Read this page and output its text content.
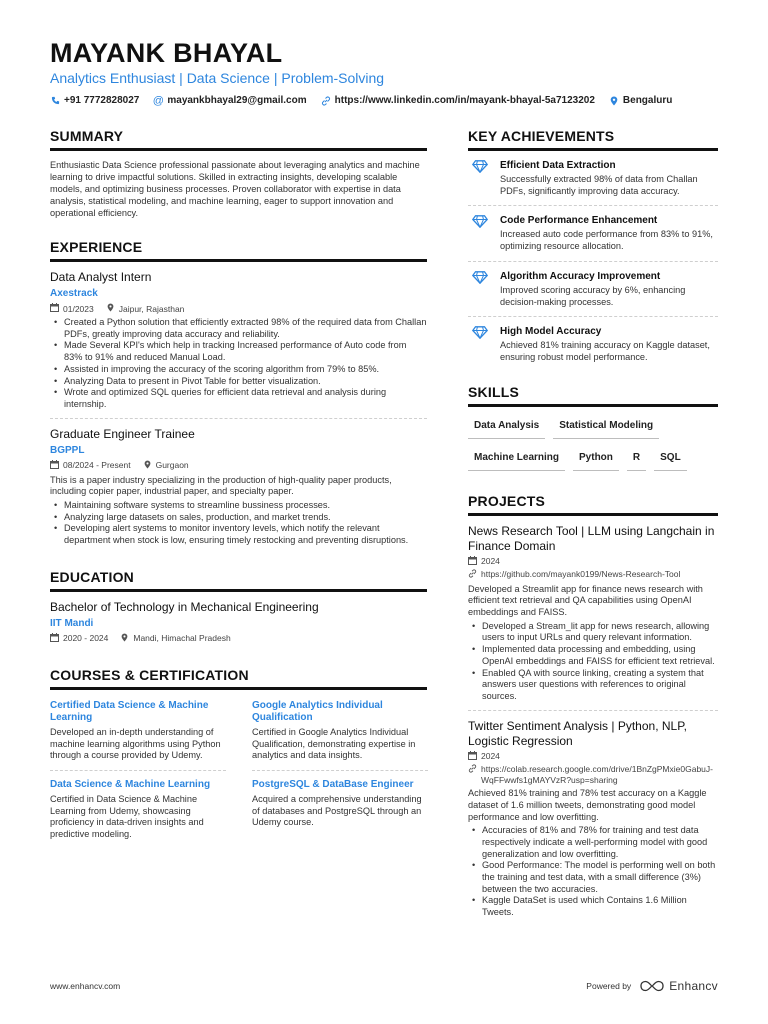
MAYANK BHAYAL
Analytics Enthusiast | Data Science | Problem-Solving
+91 7772828027 @ mayankbhayal29@gmail.com	https://www.linkedin.com/in/mayank-bhayal-5a7123202	Bengaluru
SUMMARY
Enthusiastic Data Science professional passionate about leveraging analytics and machine learning to drive impactful solutions. Skilled in extracting insights, developing scalable models, and optimizing business processes. Proven collaborator with expertise in data analysis, statistical modeling, and machine learning, eager to support innovation and operational efficiency.
EXPERIENCE
Data Analyst Intern
Axestrack
01/2023	Jaipur, Rajasthan
• Created a Python solution that efficiently extracted 98% of the required data from Challan PDFs, greatly improving data accuracy and reliability.
• Made Several KPI's which help in tracking Increased performance of Auto code from 83% to 91% and reduced Manual Load.
• Assisted in improving the accuracy of the scoring algorithm from 79% to 85%.
• Analyzing Data to present in Pivot Table for better visualization.
• Wrote and optimized SQL queries for efficient data retrieval and analysis during internship.
Graduate Engineer Trainee
BGPPL
08/2024 - Present	Gurgaon
This is a paper industry specializing in the production of high-quality paper products, including copier paper, industrial paper, and specialty paper.
• Maintaining software systems to streamline bussiness processes.
• Analyzing large datasets on sales, production, and market trends.
• Developing alert systems to monitor inventory levels, which notify the relevant department when stock is low, ensuring timely restocking and preventing disruptions.
EDUCATION
Bachelor of Technology in Mechanical Engineering
IIT Mandi
2020 - 2024	Mandi, Himachal Pradesh
COURSES & CERTIFICATION
Certified Data Science & Machine Learning
Developed an in-depth understanding of machine learning algorithms using Python through a course provided by Udemy.
Google Analytics Individual Qualification
Certified in Google Analytics Individual Qualification, demonstrating expertise in analytics and data insights.
Data Science & Machine Learning
Certified in Data Science & Machine Learning from Udemy, showcasing proficiency in data-driven insights and predictive modeling.
PostgreSQL & DataBase Engineer
Acquired a comprehensive understanding of databases and PostgreSQL through an Udemy course.
KEY ACHIEVEMENTS
Efficient Data Extraction
Successfully extracted 98% of data from Challan PDFs, significantly improving data accuracy.
Code Performance Enhancement
Increased auto code performance from 83% to 91%, optimizing resource allocation.
Algorithm Accuracy Improvement
Improved scoring accuracy by 6%, enhancing decision-making processes.
High Model Accuracy
Achieved 81% training accuracy on Kaggle dataset, ensuring robust model performance.
SKILLS
Data Analysis	Statistical Modeling
Machine Learning	Python	R	SQL
PROJECTS
News Research Tool | LLM using Langchain in Finance Domain
2024
https://github.com/mayank0199/News-Research-Tool
Developed a Streamlit app for finance news research with efficient text retrieval and QA capabilities using OpenAI embeddings and FAISS.
• Developed a Stream_lit app for news research, allowing users to input URLs and query relevant information.
• Implemented data processing and embedding, using OpenAI embeddings and FAISS for efficient text retrieval.
• Enabled QA with source linking, creating a system that answers user questions with references to original sources.
Twitter Sentiment Analysis | Python, NLP, Logistic Regression
2024
https://colab.research.google.com/drive/1BnZgPMxie0GabuJ-WqFFwwfs1gMAYVzR?usp=sharing
Achieved 81% training and 78% test accuracy on a Kaggle dataset of 1.6 million tweets, demonstrating good model performance and low overfitting.
• Accuracies of 81% and 78% for training and test data respectively indicate a well-performing model with good generalization and low overfitting.
• Good Performance: The model is performing well on both the training and test data, with a small difference (3%) between the two accuracies.
• Kaggle DataSet is used which Contains 1.6 Million Tweets.
www.enhancv.com	Powered by	Enhancv
